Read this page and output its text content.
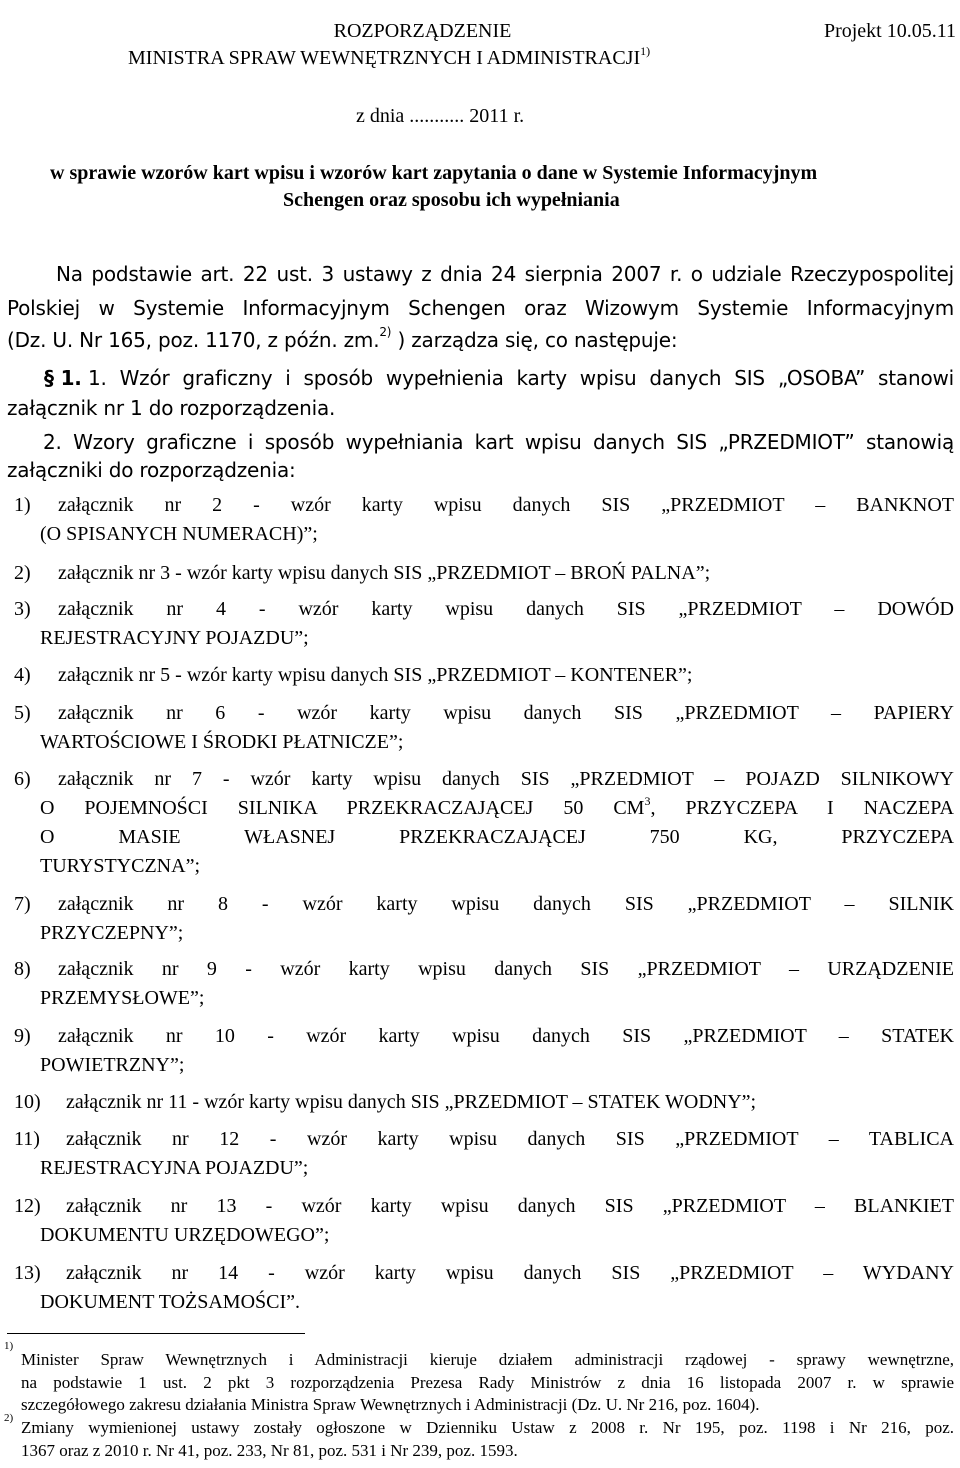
Projekt 10.05.11
ROZPORZĄDZENIE
MINISTRA SPRAW WEWNĘTRZNYCH I ADMINISTRACJI$^{1)}$
z dnia ........... 2011 r.
w sprawie wzorów kart wpisu i wzorów kart zapytania o dane w Systemie Informacyjnym
Schengen oraz sposobu ich wypełniania
Na podstawie art. 22 ust. 3 ustawy z dnia 24 sierpnia 2007 r. o udziale Rzeczypospolitej
Polskiej w Systemie Informacyjnym Schengen oraz Wizowym Systemie Informacyjnym
(Dz. U. Nr 165, poz. 1170, z późn. zm.$^{2)}$ ) zarządza się, co następuje:
§ 1. 1. Wzór graficzny i sposób wypełnienia karty wpisu danych SIS „OSOBA” stanowi
załącznik nr 1 do rozporządzenia.
2. Wzory graficzne i sposób wypełniania kart wpisu danych SIS „PRZEDMIOT” stanowią
załączniki do rozporządzenia:
1) załącznik nr 2 - wzór karty wpisu danych SIS „PRZEDMIOT – BANKNOT
(O SPISANYCH NUMERACH)”;
2) załącznik nr 3 - wzór karty wpisu danych SIS „PRZEDMIOT – BROŃ PALNA”;
3) załącznik nr 4 - wzór karty wpisu danych SIS „PRZEDMIOT – DOWÓD
REJESTRACYJNY POJAZDU”;
4) załącznik nr 5 - wzór karty wpisu danych SIS „PRZEDMIOT – KONTENER”;
5) załącznik nr 6 - wzór karty wpisu danych SIS „PRZEDMIOT – PAPIERY
WARTOŚCIOWE I ŚRODKI PŁATNICZE”;
6) załącznik nr 7 - wzór karty wpisu danych SIS „PRZEDMIOT – POJAZD SILNIKOWY
O POJEMNOŚCI SILNIKA PRZEKRACZAJĄCEJ 50 $CM^3$, PRZYCZEPA I NACZEPA
O MASIE WŁASNEJ PRZEKRACZAJĄCEJ 750 KG, PRZYCZEPA
TURYSTYCZNA”;
7) załącznik nr 8 - wzór karty wpisu danych SIS „PRZEDMIOT – SILNIK
PRZYCZEPNY”;
8) załącznik nr 9 - wzór karty wpisu danych SIS „PRZEDMIOT – URZĄDZENIE
PRZEMYSŁOWE”;
9) załącznik nr 10 - wzór karty wpisu danych SIS „PRZEDMIOT – STATEK
POWIETRZNY”;
10) załącznik nr 11 - wzór karty wpisu danych SIS „PRZEDMIOT – STATEK WODNY”;
11) załącznik nr 12 - wzór karty wpisu danych SIS „PRZEDMIOT – TABLICA
REJESTRACYJNA POJAZDU”;
12) załącznik nr 13 - wzór karty wpisu danych SIS „PRZEDMIOT – BLANKIET
DOKUMENTU URZĘDOWEGO”;
13) załącznik nr 14 - wzór karty wpisu danych SIS „PRZEDMIOT – WYDANY
DOKUMENT TOŻSAMOŚCI”.
1)
Minister Spraw Wewnętrznych i Administracji kieruje działem administracji rządowej - sprawy wewnętrzne,
na podstawie 1 ust. 2 pkt 3 rozporządzenia Prezesa Rady Ministrów z dnia 16 listopada 2007 r. w sprawie
szczegółowego zakresu działania Ministra Spraw Wewnętrznych i Administracji (Dz. U. Nr 216, poz. 1604).
2) Zmiany wymienionej ustawy zostały ogłoszone w Dzienniku Ustaw z 2008 r. Nr 195, poz. 1198 i Nr 216, poz.
1367 oraz z 2010 r. Nr 41, poz. 233, Nr 81, poz. 531 i Nr 239, poz. 1593.
